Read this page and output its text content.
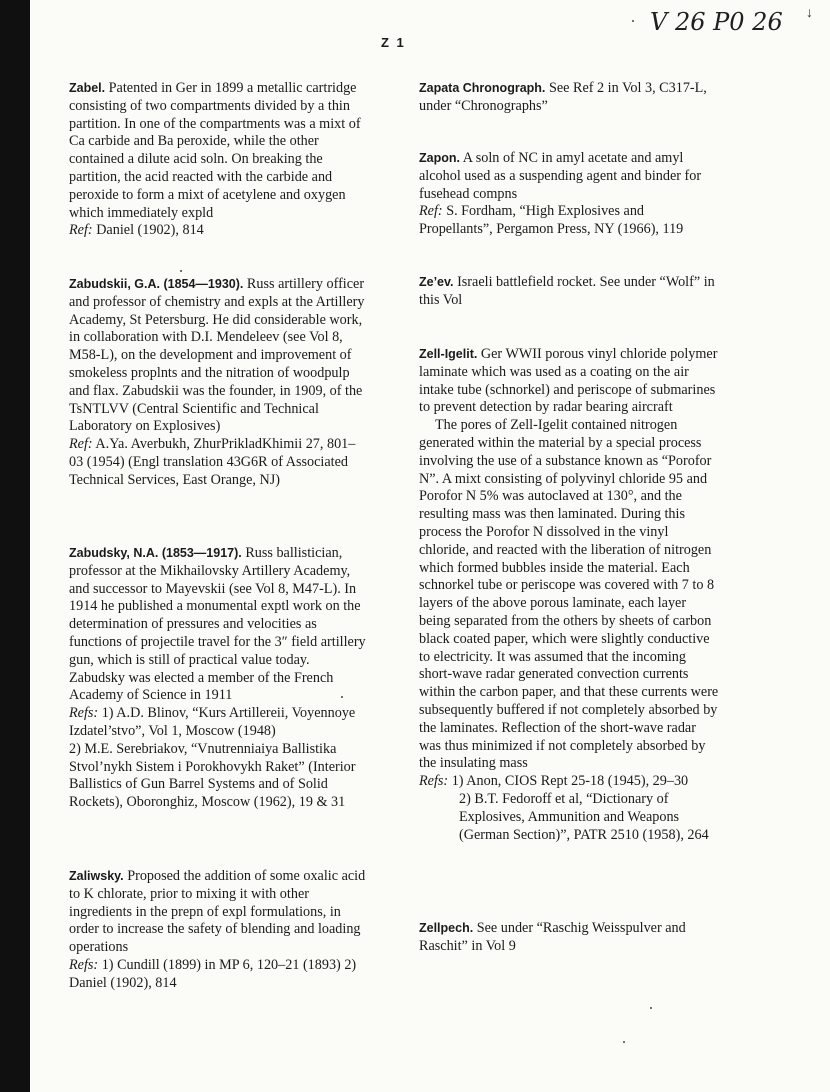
V 26 P0 26 ↓
Z 1

Zabel. Patented in Ger in 1899 a metallic cartridge consisting of two compartments divided by a thin partition. In one of the compartments was a mixt of Ca carbide and Ba peroxide, while the other contained a dilute acid soln. On breaking the partition, the acid reacted with the carbide and peroxide to form a mixt of acetylene and oxygen which immediately expld

Ref: Daniel (1902), 814

Zabudskii, G.A. (1854—1930). Russ artillery officer and professor of chemistry and expls at the Artillery Academy, St Petersburg. He did considerable work, in collaboration with D.I. Mendeleev (see Vol 8, M58-L), on the development and improvement of smokeless proplnts and the nitration of woodpulp and flax. Zabudskii was the founder, in 1909, of the TsNTLVV (Central Scientific and Technical Laboratory on Explosives)

Ref: A.Ya. Averbukh, ZhurPrikladKhimii 27, 801–03 (1954) (Engl translation 43G6R of Associated Technical Services, East Orange, NJ)

Zabudsky, N.A. (1853—1917). Russ ballistician, professor at the Mikhailovsky Artillery Academy, and successor to Mayevskii (see Vol 8, M47-L). In 1914 he published a monumental exptl work on the determination of pressures and velocities as functions of projectile travel for the 3″ field artillery gun, which is still of practical value today. Zabudsky was elected a member of the French Academy of Science in 1911

Refs: 1) A.D. Blinov, “Kurs Artillereii, Voyennoye Izdatel’stvo”, Vol 1, Moscow (1948)

2) M.E. Serebriakov, “Vnutrenniaiya Ballistika Stvol’nykh Sistem i Porokhovykh Raket” (Interior Ballistics of Gun Barrel Systems and of Solid Rockets), Oboronghiz, Moscow (1962), 19 & 31

Zaliwsky. Proposed the addition of some oxalic acid to K chlorate, prior to mixing it with other ingredients in the prepn of expl formulations, in order to increase the safety of blending and loading operations

Refs: 1) Cundill (1899) in MP 6, 120–21 (1893) 2) Daniel (1902), 814

Zapata Chronograph. See Ref 2 in Vol 3, C317-L, under “Chronographs”

Zapon. A soln of NC in amyl acetate and amyl alcohol used as a suspending agent and binder for fusehead compns

Ref: S. Fordham, “High Explosives and Propellants”, Pergamon Press, NY (1966), 119

Ze’ev. Israeli battlefield rocket. See under “Wolf” in this Vol

Zell-Igelit. Ger WWII porous vinyl chloride polymer laminate which was used as a coating on the air intake tube (schnorkel) and periscope of submarines to prevent detection by radar bearing aircraft

The pores of Zell-Igelit contained nitrogen generated within the material by a special process involving the use of a substance known as “Porofor N”. A mixt consisting of polyvinyl chloride 95 and Porofor N 5% was autoclaved at 130°, and the resulting mass was then laminated. During this process the Porofor N dissolved in the vinyl chloride, and reacted with the liberation of nitrogen which formed bubbles inside the material. Each schnorkel tube or periscope was covered with 7 to 8 layers of the above porous laminate, each layer being separated from the others by sheets of carbon black coated paper, which were slightly conductive to electricity. It was assumed that the incoming short-wave radar generated convection currents within the carbon paper, and that these currents were subsequently buffered if not completely absorbed by the laminates. Reflection of the short-wave radar was thus minimized if not completely absorbed by the insulating mass

Refs: 1) Anon, CIOS Rept 25-18 (1945), 29–30

2) B.T. Fedoroff et al, “Dictionary of Explosives, Ammunition and Weapons (German Section)”, PATR 2510 (1958), 264

Zellpech. See under “Raschig Weisspulver and Raschit” in Vol 9
